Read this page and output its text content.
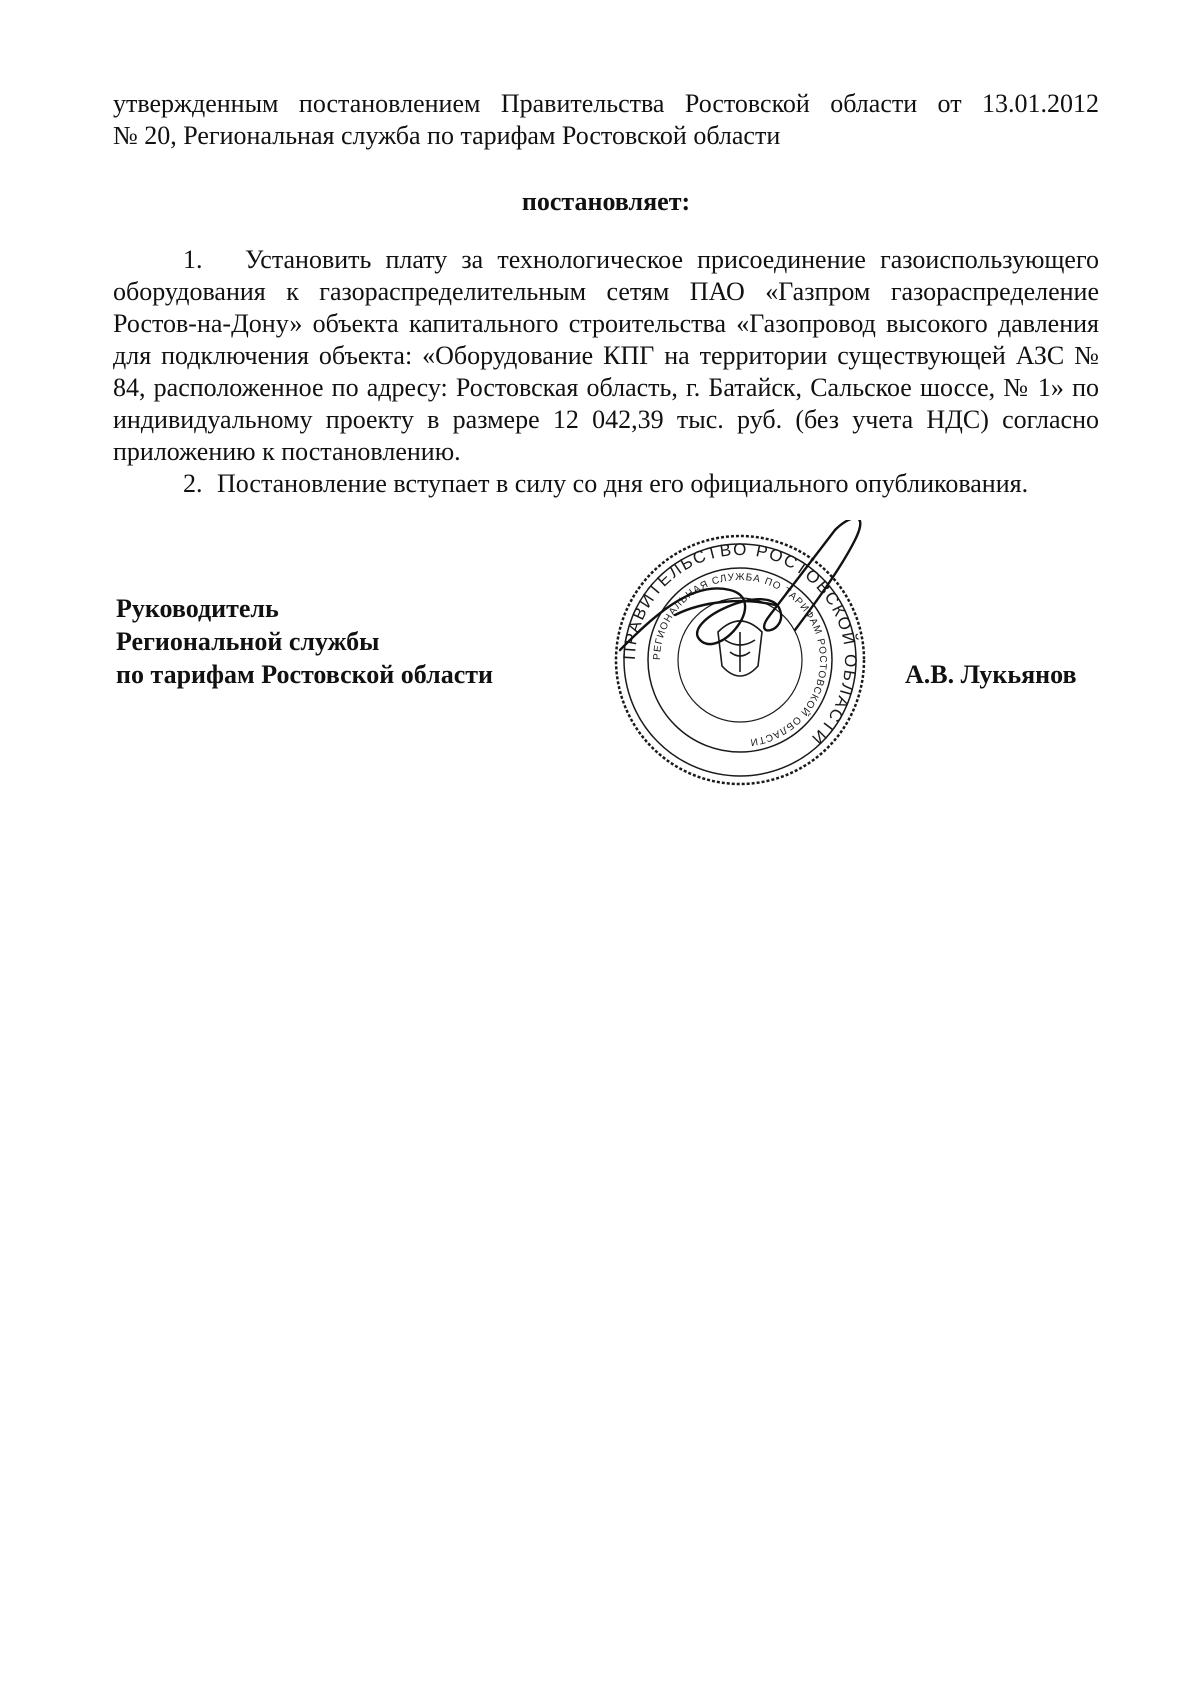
утвержденным постановлением Правительства Ростовской области от 13.01.2012
№ 20, Региональная служба по тарифам Ростовской области
постановляет:
1. Установить плату за технологическое присоединение газоиспользующего оборудования к газораспределительным сетям ПАО «Газпром газораспределение Ростов-на-Дону» объекта капитального строительства «Газопровод высокого давления для подключения объекта: «Оборудование КПГ на территории существующей АЗС № 84, расположенное по адресу: Ростовская область, г. Батайск, Сальское шоссе, № 1» по индивидуальному проекту в размере 12 042,39 тыс. руб. (без учета НДС) согласно приложению к постановлению.
2. Постановление вступает в силу со дня его официального опубликования.
Руководитель
Региональной службы
по тарифам Ростовской области	А.В. Лукьянов
ПРАВИТЕЛЬСТВО РОСТОВСКОЙ ОБЛАСТИ
РЕГИОНАЛЬНАЯ СЛУЖБА ПО ТАРИФАМ РОСТОВСКОЙ ОБЛАСТИ
